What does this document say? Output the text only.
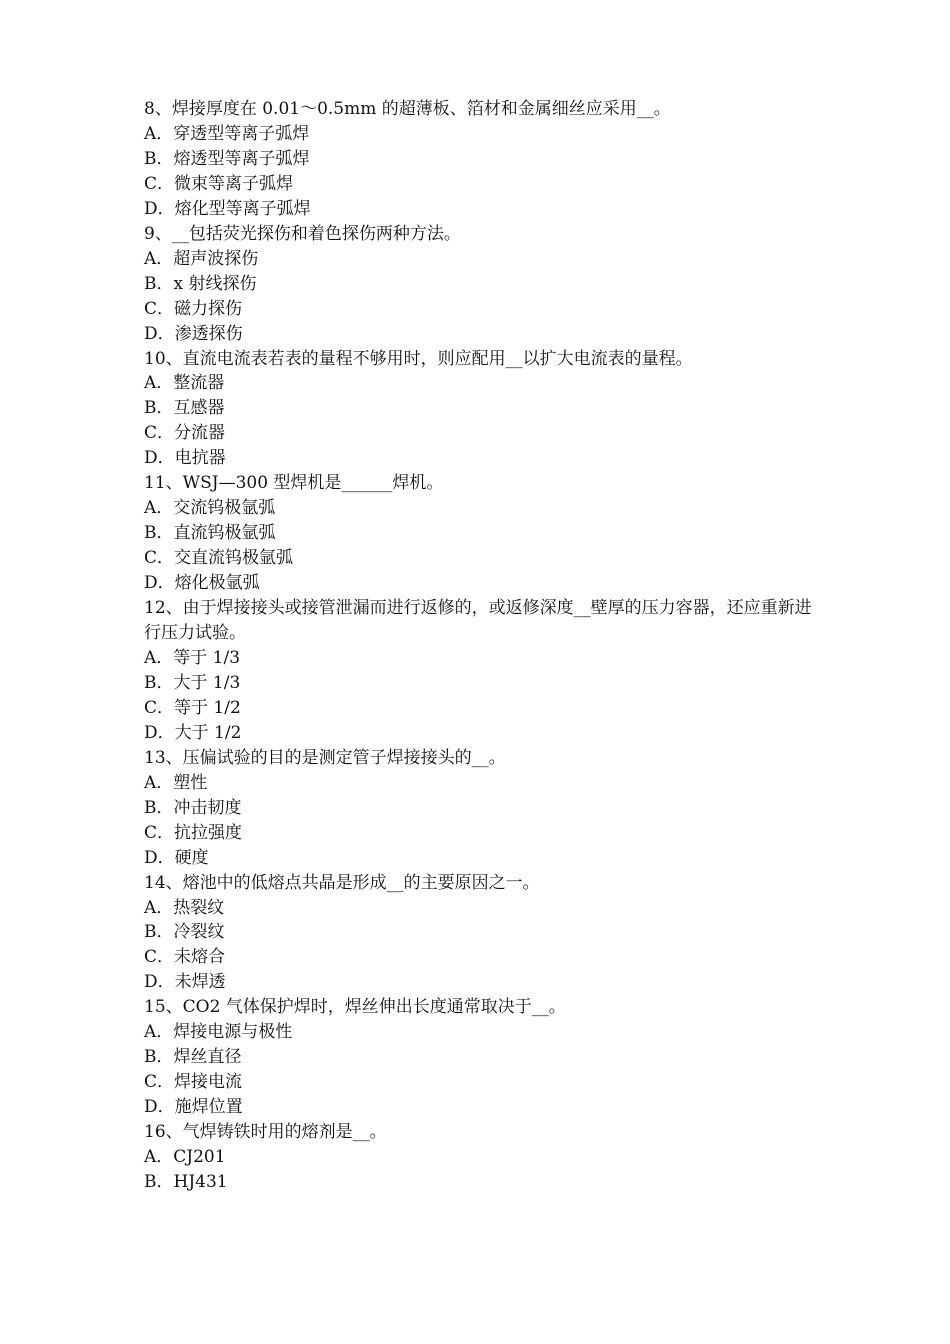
8、焊接厚度在 0.01～0.5mm 的超薄板、箔材和金属细丝应采用__。

A．穿透型等离子弧焊

B．熔透型等离子弧焊

C．微束等离子弧焊

D．熔化型等离子弧焊

9、__包括荧光探伤和着色探伤两种方法。

A．超声波探伤

B．x 射线探伤

C．磁力探伤

D．渗透探伤

10、直流电流表若表的量程不够用时，则应配用__以扩大电流表的量程。

A．整流器

B．互感器

C．分流器

D．电抗器

11、WSJ—300 型焊机是______焊机。

A．交流钨极氩弧

B．直流钨极氩弧

C．交直流钨极氩弧

D．熔化极氩弧

12、由于焊接接头或接管泄漏而进行返修的，或返修深度__壁厚的压力容器，还应重新进行压力试验。

A．等于 1/3

B．大于 1/3

C．等于 1/2

D．大于 1/2

13、压偏试验的目的是测定管子焊接接头的__。

A．塑性

B．冲击韧度

C．抗拉强度

D．硬度

14、熔池中的低熔点共晶是形成__的主要原因之一。

A．热裂纹

B．冷裂纹

C．未熔合

D．未焊透

15、CO2 气体保护焊时，焊丝伸出长度通常取决于__。

A．焊接电源与极性

B．焊丝直径

C．焊接电流

D．施焊位置

16、气焊铸铁时用的熔剂是__。

A．CJ201

B．HJ431
